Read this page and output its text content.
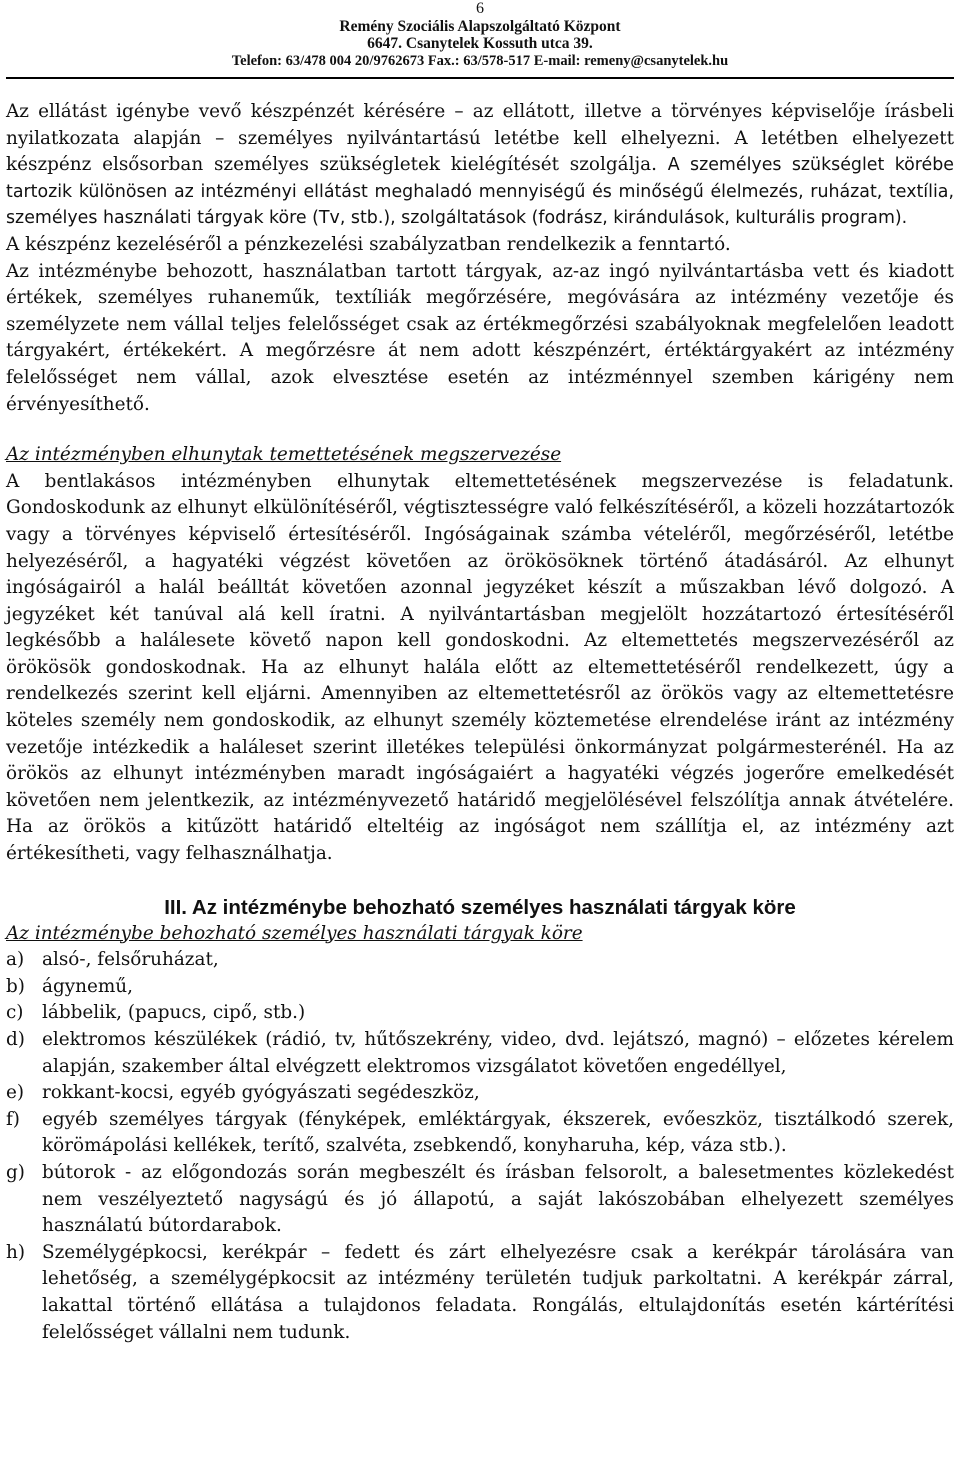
6
Remény Szociális Alapszolgáltató Központ
6647. Csanytelek Kossuth utca 39.
Telefon: 63/478 004 20/9762673 Fax.: 63/578-517 E-mail: remeny@csanytelek.hu

Az ellátást igénybe vevő készpénzét kérésére – az ellátott, illetve a törvényes képviselője írásbeli nyilatkozata alapján – személyes nyilvántartású letétbe kell elhelyezni. A letétben elhelyezett készpénz elsősorban személyes szükségletek kielégítését szolgálja. A személyes szükséglet körébe tartozik különösen az intézményi ellátást meghaladó mennyiségű és minőségű élelmezés, ruházat, textília, személyes használati tárgyak köre (Tv, stb.), szolgáltatások (fodrász, kirándulások, kulturális program).

A készpénz kezeléséről a pénzkezelési szabályzatban rendelkezik a fenntartó.

Az intézménybe behozott, használatban tartott tárgyak, az-az ingó nyilvántartásba vett és kiadott értékek, személyes ruhaneműk, textíliák megőrzésére, megóvására az intézmény vezetője és személyzete nem vállal teljes felelősséget csak az értékmegőrzési szabályoknak megfelelően leadott tárgyakért, értékekért. A megőrzésre át nem adott készpénzért, értéktárgyakért az intézmény felelősséget nem vállal, azok elvesztése esetén az intézménnyel szemben kárigény nem érvényesíthető.

Az intézményben elhunytak temettetésének megszervezése

A bentlakásos intézményben elhunytak eltemettetésének megszervezése is feladatunk. Gondoskodunk az elhunyt elkülönítéséről, végtisztességre való felkészítéséről, a közeli hozzátartozók vagy a törvényes képviselő értesítéséről. Ingóságainak számba vételéről, megőrzéséről, letétbe helyezéséről, a hagyatéki végzést követően az örökösöknek történő átadásáról. Az elhunyt ingóságairól a halál beálltát követően azonnal jegyzéket készít a műszakban lévő dolgozó. A jegyzéket két tanúval alá kell íratni. A nyilvántartásban megjelölt hozzátartozó értesítéséről legkésőbb a halálesete követő napon kell gondoskodni. Az eltemettetés megszervezéséről az örökösök gondoskodnak. Ha az elhunyt halála előtt az eltemettetéséről rendelkezett, úgy a rendelkezés szerint kell eljárni. Amennyiben az eltemettetésről az örökös vagy az eltemettetésre köteles személy nem gondoskodik, az elhunyt személy köztemetése elrendelése iránt az intézmény vezetője intézkedik a haláleset szerint illetékes települési önkormányzat polgármesterénél. Ha az örökös az elhunyt intézményben maradt ingóságaiért a hagyatéki végzés jogerőre emelkedését követően nem jelentkezik, az intézményvezető határidő megjelölésével felszólítja annak átvételére. Ha az örökös a kitűzött határidő elteltéig az ingóságot nem szállítja el, az intézmény azt értékesítheti, vagy felhasználhatja.

III. Az intézménybe behozható személyes használati tárgyak köre

Az intézménybe behozható személyes használati tárgyak köre

a) alsó-, felsőruházat,
b) ágynemű,
c)	lábbelik, (papucs, cipő, stb.)
d) elektromos készülékek (rádió, tv, hűtőszekrény, video, dvd. lejátszó, magnó) – előzetes kérelem alapján, szakember által elvégzett elektromos vizsgálatot követően engedéllyel,
e) rokkant-kocsi, egyéb gyógyászati segédeszköz,
f)	egyéb személyes tárgyak (fényképek, emléktárgyak, ékszerek, evőeszköz, tisztálkodó szerek, körömápolási kellékek, terítő, szalvéta, zsebkendő, konyharuha, kép, váza stb.).
g) bútorok - az előgondozás során megbeszélt és írásban felsorolt, a balesetmentes közlekedést nem veszélyeztető nagyságú és jó állapotú, a saját lakószobában elhelyezett személyes használatú bútordarabok.
h) Személygépkocsi, kerékpár – fedett és zárt elhelyezésre csak a kerékpár tárolására van lehetőség, a személygépkocsit az intézmény területén tudjuk parkoltatni. A kerékpár zárral, lakattal történő ellátása a tulajdonos feladata. Rongálás, eltulajdonítás esetén kártérítési felelősséget vállalni nem tudunk.
